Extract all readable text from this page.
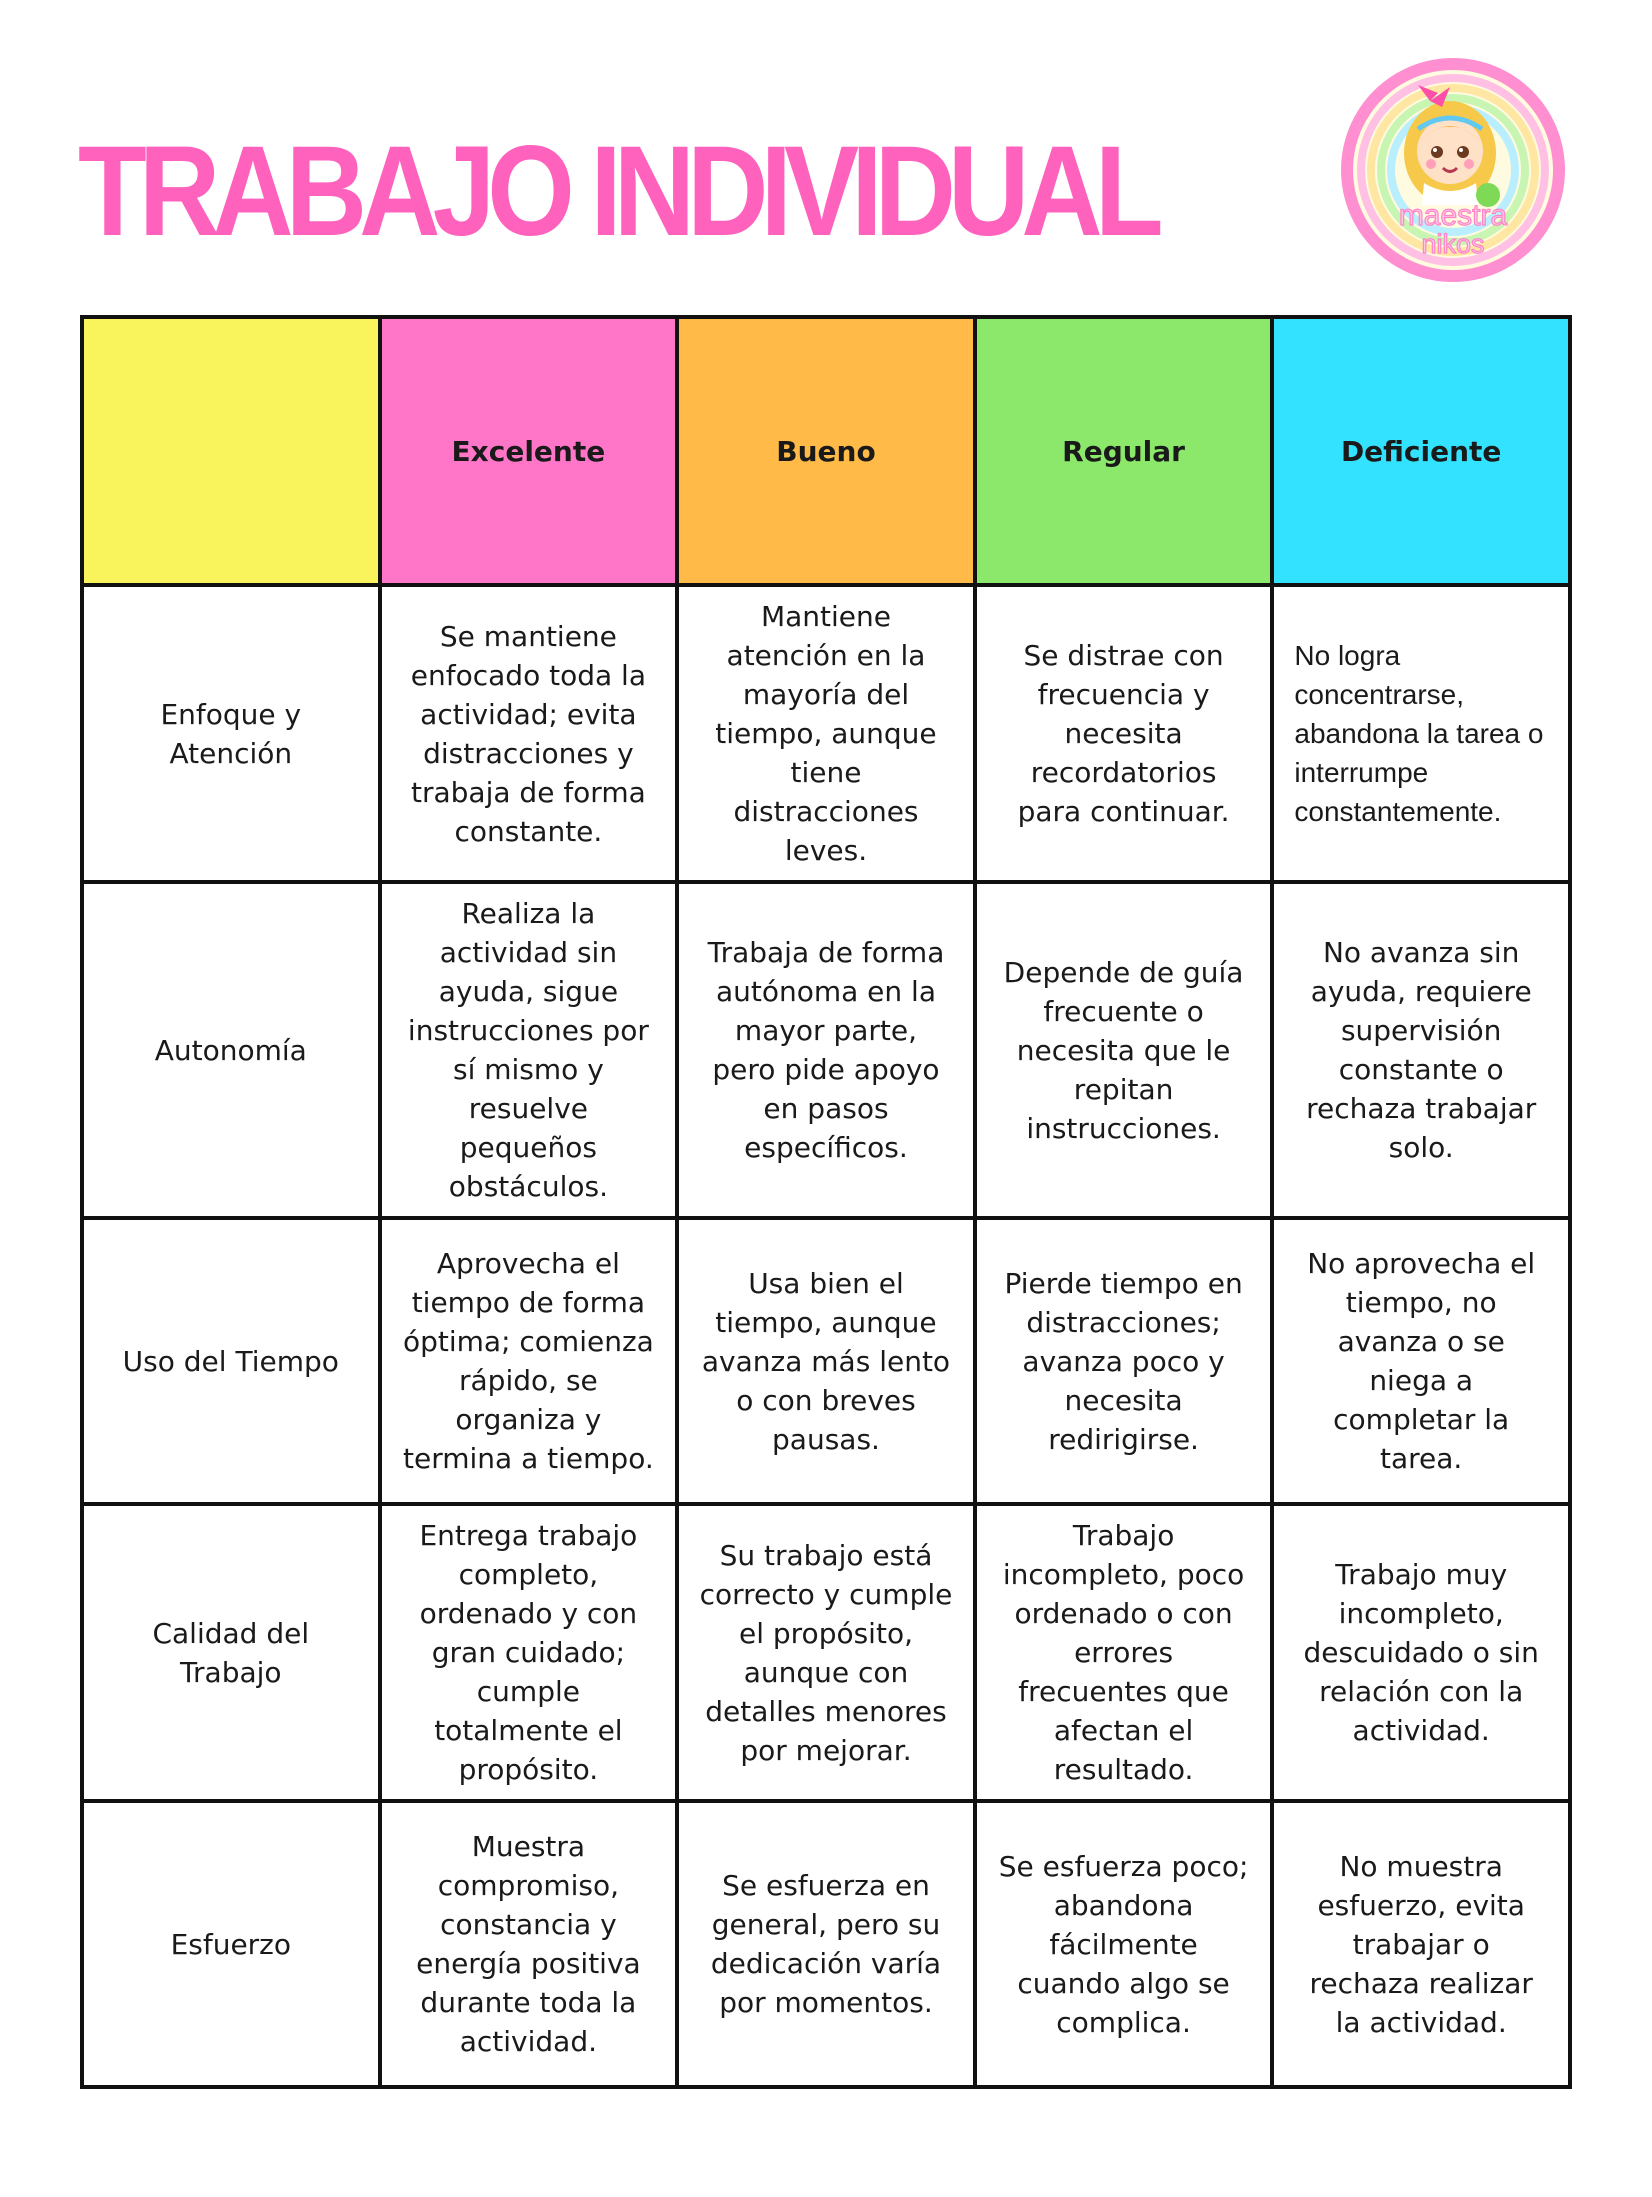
TRABAJO INDIVIDUAL	maestra
nikos
	Excelente	Bueno	Regular	Deficiente
Enfoque y Atención	Se mantiene enfocado toda la actividad; evita distracciones y trabaja de forma constante.	Mantiene atención en la mayoría del tiempo, aunque tiene distracciones leves.	Se distrae con frecuencia y necesita recordatorios para continuar.	No logra concentrarse, abandona la tarea o interrumpe constantemente.
Autonomía	Realiza la actividad sin ayuda, sigue instrucciones por sí mismo y resuelve pequeños obstáculos.	Trabaja de forma autónoma en la mayor parte, pero pide apoyo en pasos específicos.	Depende de guía frecuente o necesita que le repitan instrucciones.	No avanza sin ayuda, requiere supervisión constante o rechaza trabajar solo.
Uso del Tiempo	Aprovecha el tiempo de forma óptima; comienza rápido, se organiza y termina a tiempo.	Usa bien el tiempo, aunque avanza más lento o con breves pausas.	Pierde tiempo en distracciones; avanza poco y necesita redirigirse.	No aprovecha el tiempo, no avanza o se niega a completar la tarea.
Calidad del Trabajo	Entrega trabajo completo, ordenado y con gran cuidado; cumple totalmente el propósito.	Su trabajo está correcto y cumple el propósito, aunque con detalles menores por mejorar.	Trabajo incompleto, poco ordenado o con errores frecuentes que afectan el resultado.	Trabajo muy incompleto, descuidado o sin relación con la actividad.
Esfuerzo	Muestra compromiso, constancia y energía positiva durante toda la actividad.	Se esfuerza en general, pero su dedicación varía por momentos.	Se esfuerza poco; abandona fácilmente cuando algo se complica.	No muestra esfuerzo, evita trabajar o rechaza realizar la actividad.
